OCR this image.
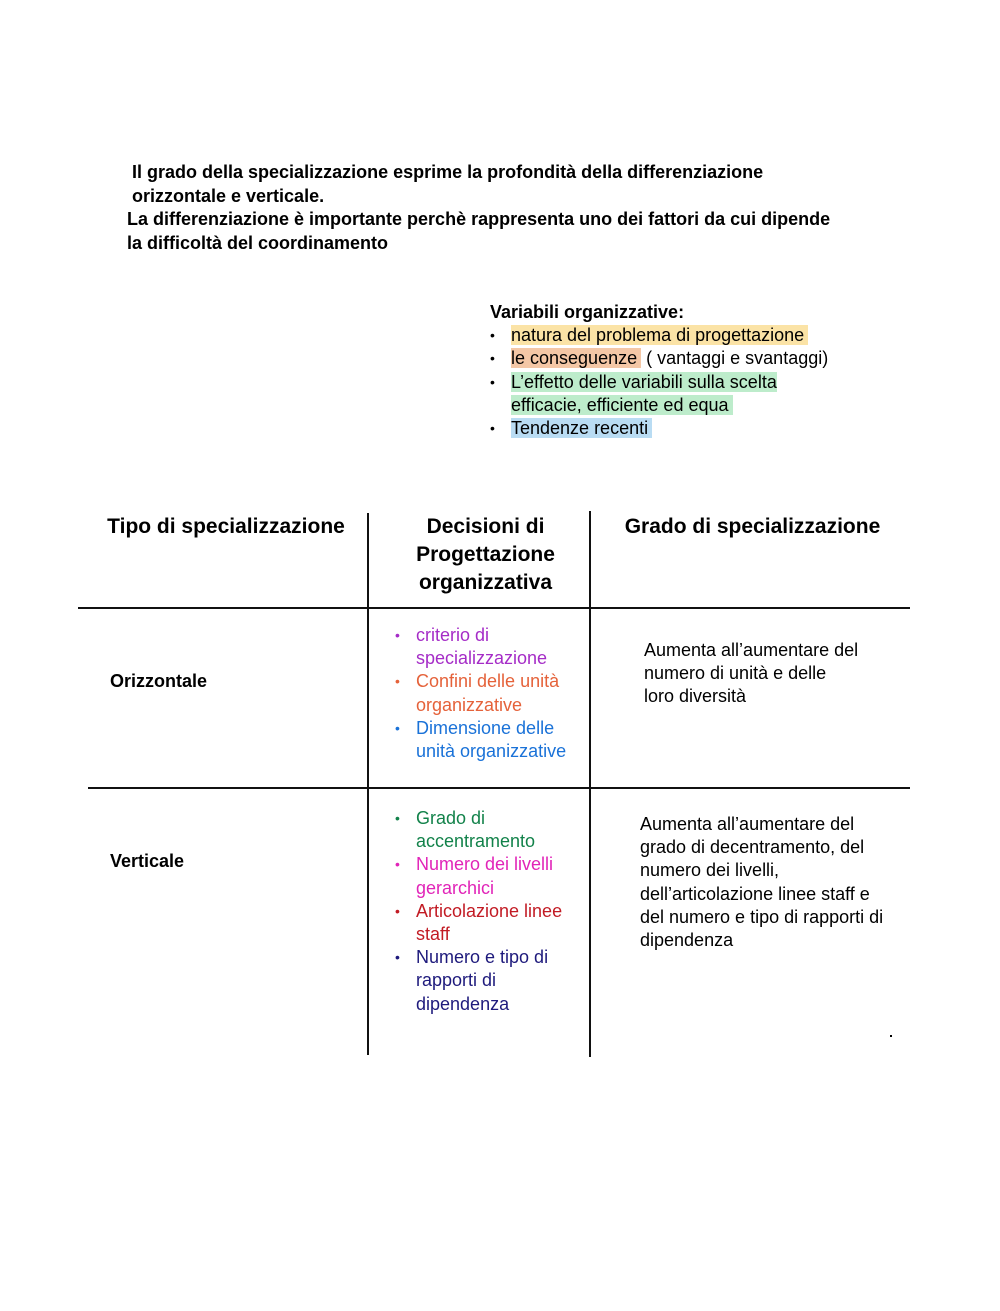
Il grado della specializzazione esprime la profondità della differenziazione orizzontale e verticale.

La differenziazione è importante perchè rappresenta uno dei fattori da cui dipende la difficoltà del coordinamento

Variabili organizzative:
• natura del problema di progettazione
• le conseguenze ( vantaggi e svantaggi)
• L’effetto delle variabili sulla scelta efficacie, efficiente ed equa
• Tendenze recenti
Tipo di specializzazione	Decisioni di Progettazione organizzativa
Grado di specializzazione
Orizzontale
• criterio di specializzazione
• Confini delle unità organizzative
• Dimensione delle unità organizzative

Aumenta all’aumentare del numero di unità e delle loro diversità

Verticale
• Grado di accentramento
• Numero dei livelli gerarchici
• Articolazione linee staff
• Numero e tipo di rapporti di dipendenza

Aumenta all’aumentare del grado di decentramento, del numero dei livelli, dell’articolazione linee staff e del numero e tipo di rapporti di dipendenza
